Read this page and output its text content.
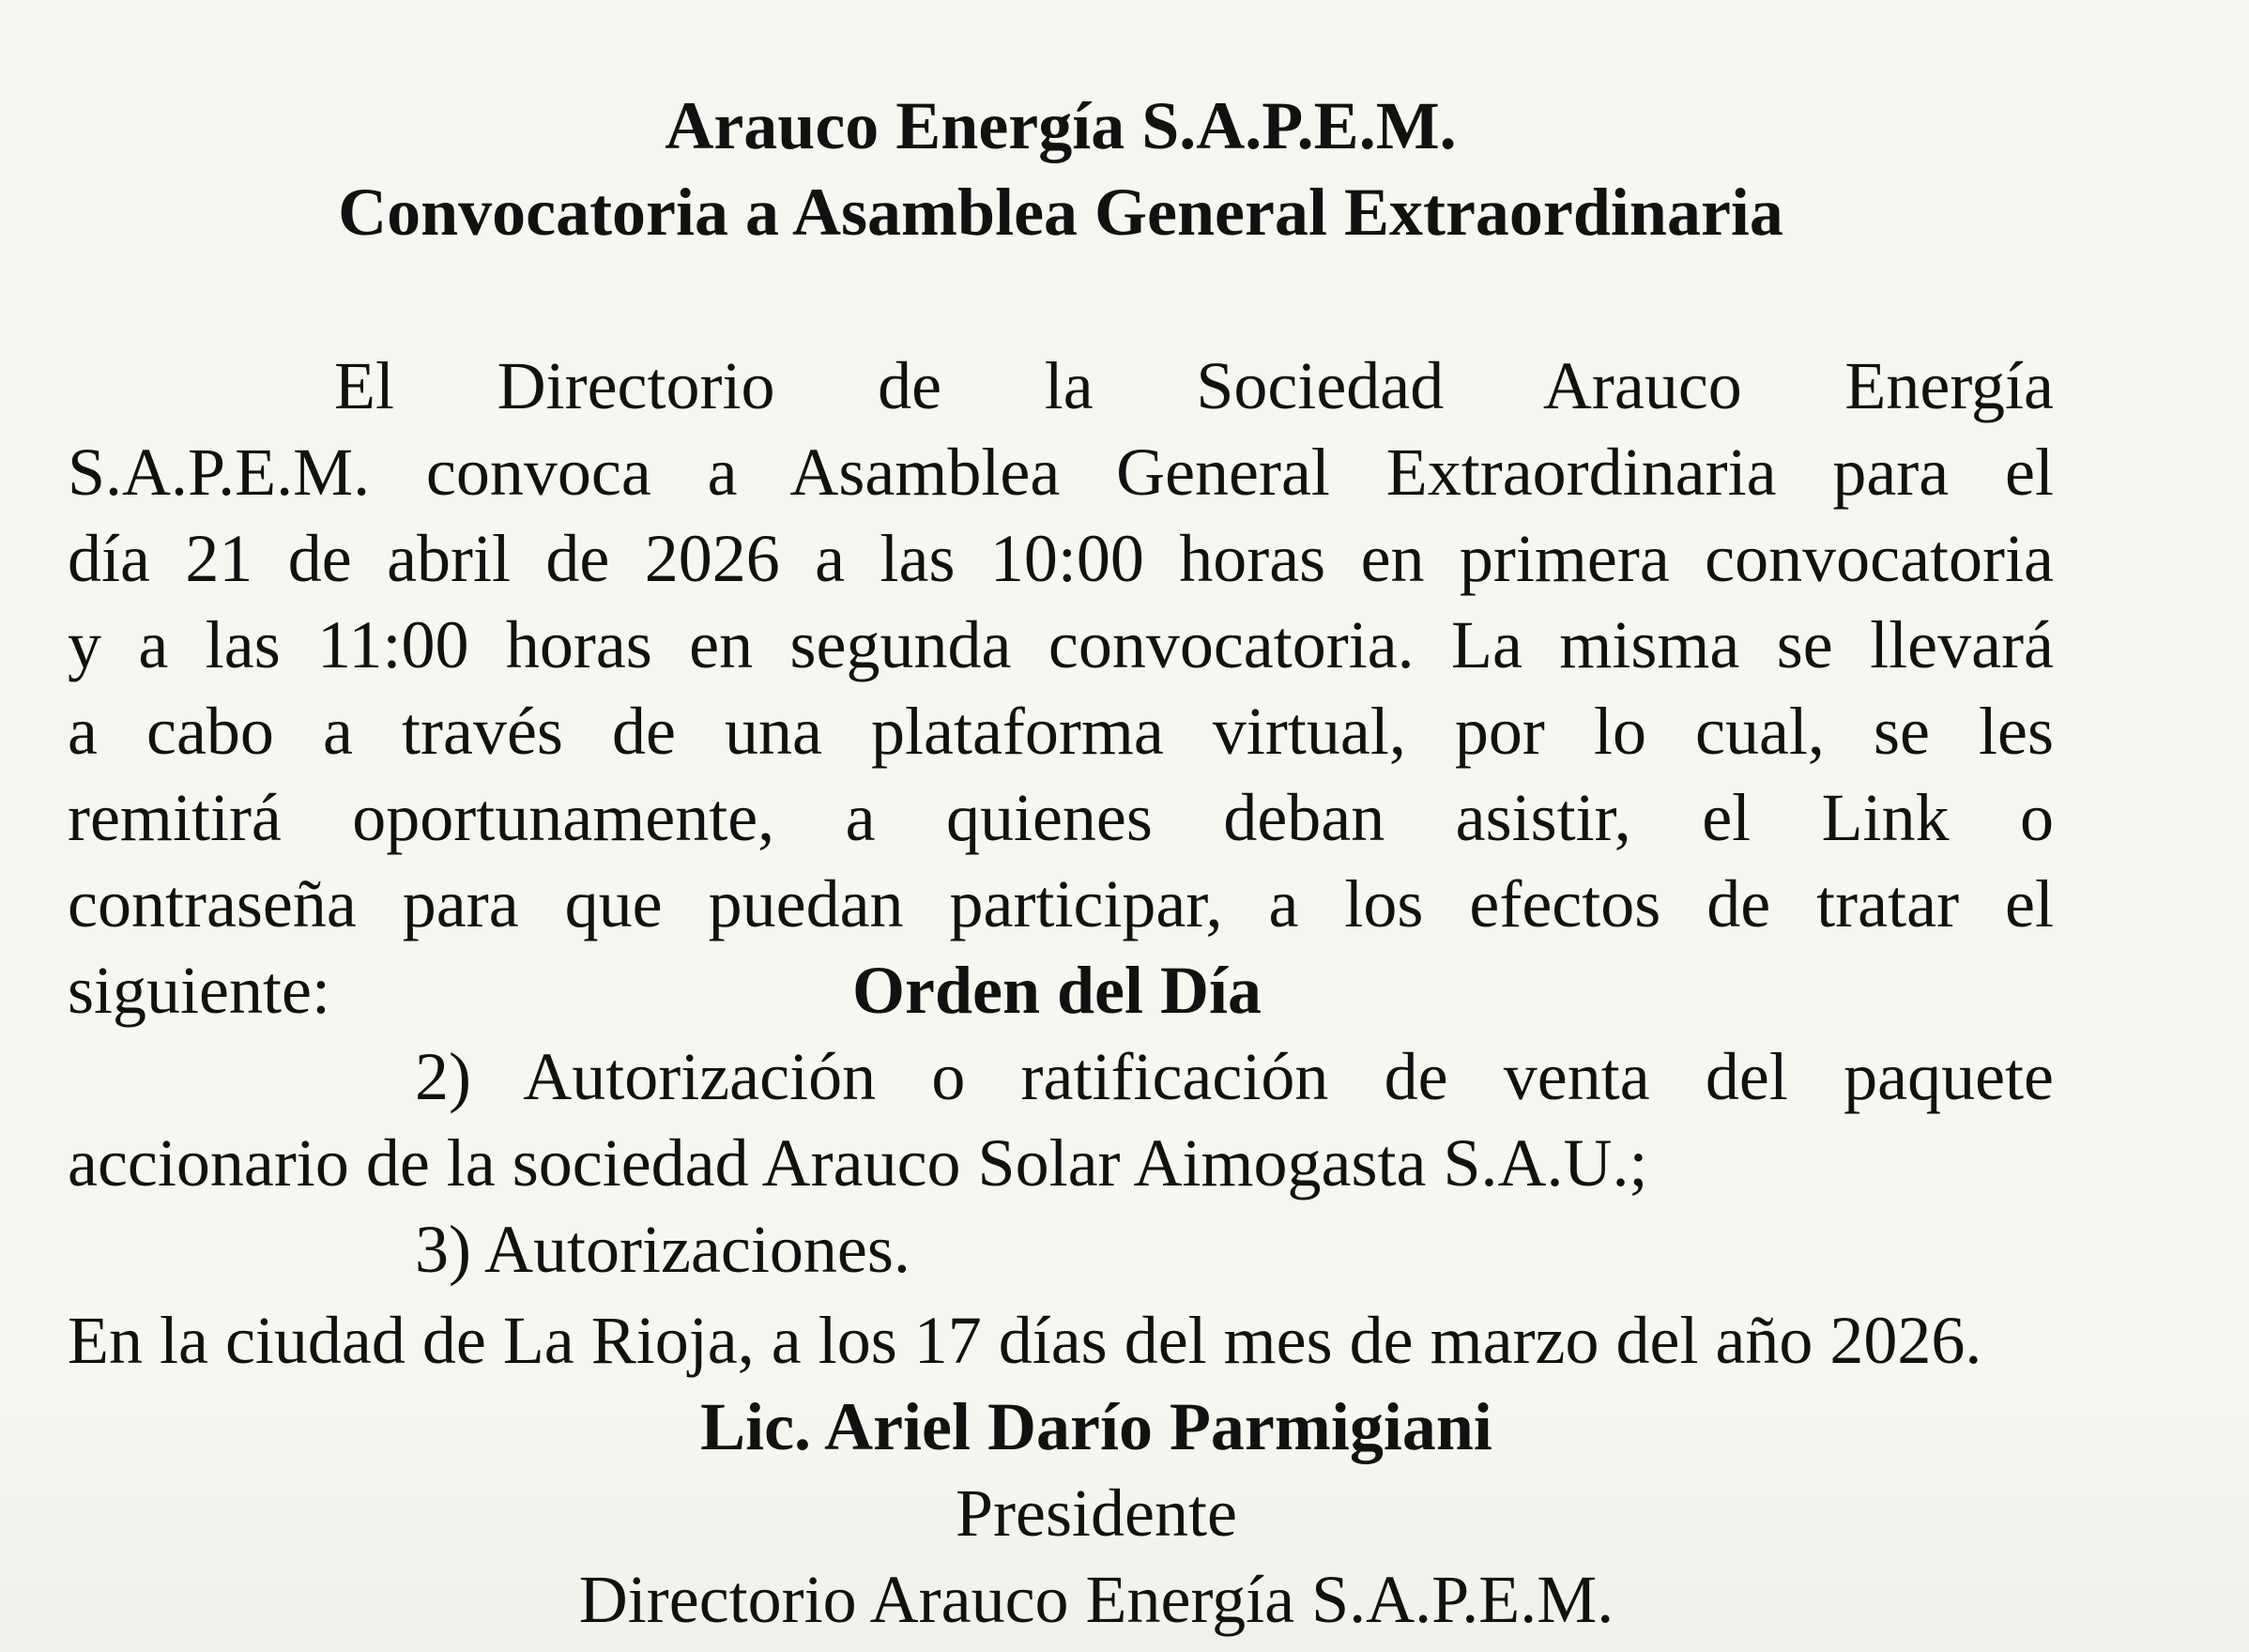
Arauco Energía S.A.P.E.M.
Convocatoria a Asamblea General Extraordinaria
El Directorio de la Sociedad Arauco Energía
S.A.P.E.M. convoca a Asamblea General Extraordinaria para el
día 21 de abril de 2026 a las 10:00 horas en primera convocatoria
y a las 11:00 horas en segunda convocatoria. La misma se llevará
a cabo a través de una plataforma virtual, por lo cual, se les
remitirá oportunamente, a quienes deban asistir, el Link o
contraseña para que puedan participar, a los efectos de tratar el
siguiente:	Orden del Día
2) Autorización o ratificación de venta del paquete
accionario de la sociedad Arauco Solar Aimogasta S.A.U.;
3) Autorizaciones.
En la ciudad de La Rioja, a los 17 días del mes de marzo del año 2026.
Lic. Ariel Darío Parmigiani
Presidente
Directorio Arauco Energía S.A.P.E.M.
